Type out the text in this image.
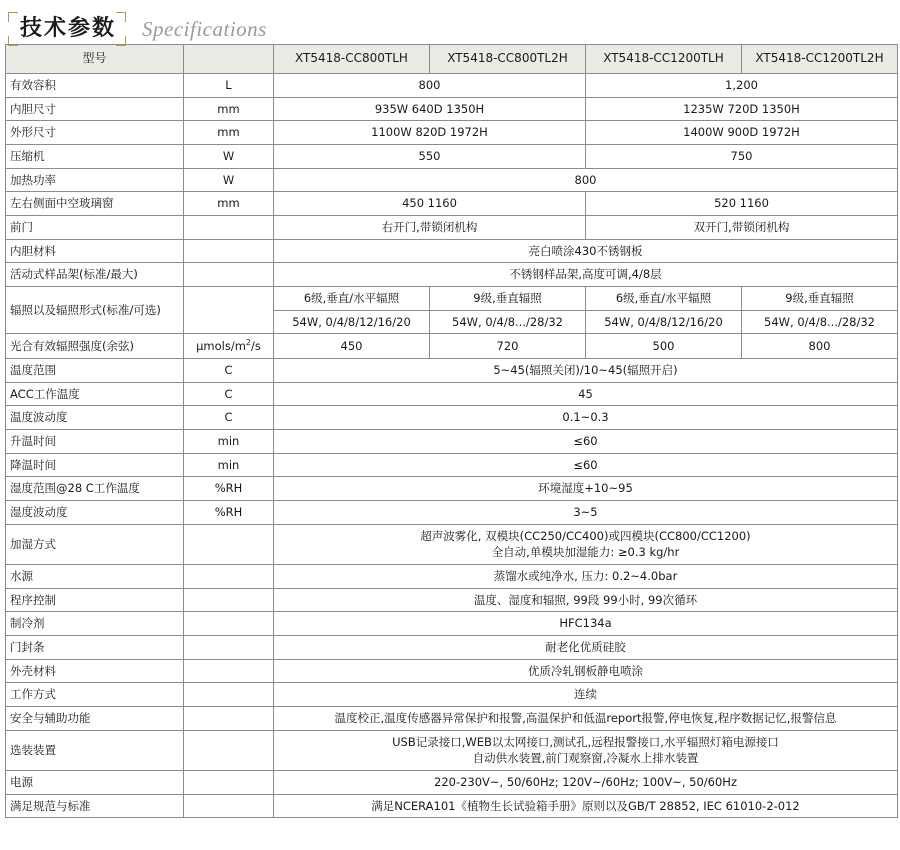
技术参数	Specifications
型号		XT5418-CC800TLH	XT5418-CC800TL2H	XT5418-CC1200TLH	XT5418-CC1200TL2H
有效容积	L	800		1,200	
内胆尺寸	mm	935W 640D 1350H		1235W 720D 1350H	
外形尺寸	mm	1100W 820D 1972H		1400W 900D 1972H	
压缩机	W	550		750	
加热功率	W	800			
左右侧面中空玻璃窗	mm	450 1160		520 1160	
前门		右开门,带锁闭机构		双开门,带锁闭机构	
内胆材料		亮白喷涂430不锈钢板			
活动式样品架(标准/最大)		不锈钢样品架,高度可调,4/8层			
辐照以及辐照形式(标准/可选)		6级,垂直/水平辐照	9级,垂直辐照	6级,垂直/水平辐照	9级,垂直辐照
		54W, 0/4/8/12/16/20	54W, 0/4/8.../28/32	54W, 0/4/8/12/16/20	54W, 0/4/8.../28/32
光合有效辐照强度(余弦)	μmols/$m^2/s$	450	720	500	800
温度范围	C	5~45(辐照关闭)/10~45(辐照开启)			
ACC工作温度	C	45			
温度波动度	C	0.1~0.3			
升温时间	min	≤60			
降温时间	min	≤60			
湿度范围@28 C工作温度	%RH	环境湿度+10~95			
湿度波动度	%RH	3~5			
加湿方式		超声波雾化, 双模块(CC250/CC400)或四模块(CC800/CC1200)
全自动,单模块加湿能力: ≥0.3 kg/hr			
水源		蒸馏水或纯净水, 压力: 0.2~4.0bar			
程序控制		温度、湿度和辐照, 99段 99小时, 99次循环			
制冷剂		HFC134a			
门封条		耐老化优质硅胶			
外壳材料		优质冷轧钢板静电喷涂			
工作方式		连续			
安全与辅助功能		温度校正,温度传感器异常保护和报警,高温保护和低温report报警,停电恢复,程序数据记忆,报警信息			
选装装置		USB记录接口,WEB以太网接口,测试孔,远程报警接口,水平辐照灯箱电源接口
自动供水装置,前门观察窗,冷凝水上排水装置			
电源		220-230V~, 50/60Hz; 120V~/60Hz; 100V~, 50/60Hz			
满足规范与标准		满足NCERA101《植物生长试验箱手册》原则以及GB/T 28852, IEC 61010-2-012			
